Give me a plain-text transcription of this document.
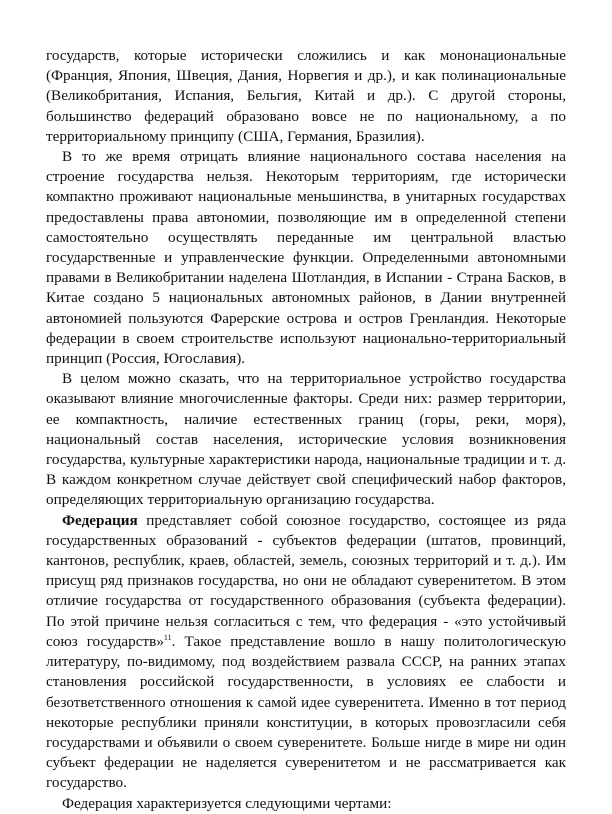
государств, которые исторически сложились и как мононациональные (Франция, Япония, Швеция, Дания, Норвегия и др.), и как полинациональные (Великобритания, Испания, Бельгия, Китай и др.). С другой стороны, большинство федераций образовано вовсе не по национальному, а по территориальному принципу (США, Германия, Бразилия).

В то же время отрицать влияние национального состава населения на строение государства нельзя. Некоторым территориям, где исторически компактно проживают национальные меньшинства, в унитарных государствах предоставлены права автономии, позволяющие им в определенной степени самостоятельно осуществлять переданные им центральной властью государственные и управленческие функции. Определенными автономными правами в Великобритании наделена Шотландия, в Испании - Страна Басков, в Китае создано 5 национальных автономных районов, в Дании внутренней автономией пользуются Фарерские острова и остров Гренландия. Некоторые федерации в своем строительстве используют национально-территориальный принцип (Россия, Югославия).

В целом можно сказать, что на территориальное устройство государства оказывают влияние многочисленные факторы. Среди них: размер территории, ее компактность, наличие естественных границ (горы, реки, моря), национальный состав населения, исторические условия возникновения государства, культурные характеристики народа, национальные традиции и т. д. В каждом конкретном случае действует свой специфический набор факторов, определяющих территориальную организацию государства.

Федерация представляет собой союзное государство, состоящее из ряда государственных образований - субъектов федерации (штатов, провинций, кантонов, республик, краев, областей, земель, союзных территорий и т. д.). Им присущ ряд признаков государства, но они не обладают суверенитетом. В этом отличие государства от государственного образования (субъекта федерации). По этой причине нельзя согласиться с тем, что федерация - «это устойчивый союз государств»$^{11}$. Такое представление вошло в нашу политологическую литературу, по-видимому, под воздействием развала СССР, на ранних этапах становления российской государственности, в условиях ее слабости и безответственного отношения к самой идее суверенитета. Именно в тот период некоторые республики приняли конституции, в которых провозгласили себя государствами и объявили о своем суверенитете. Больше нигде в мире ни один субъект федерации не наделяется суверенитетом и не рассматривается как государство.

Федерация характеризуется следующими чертами:
